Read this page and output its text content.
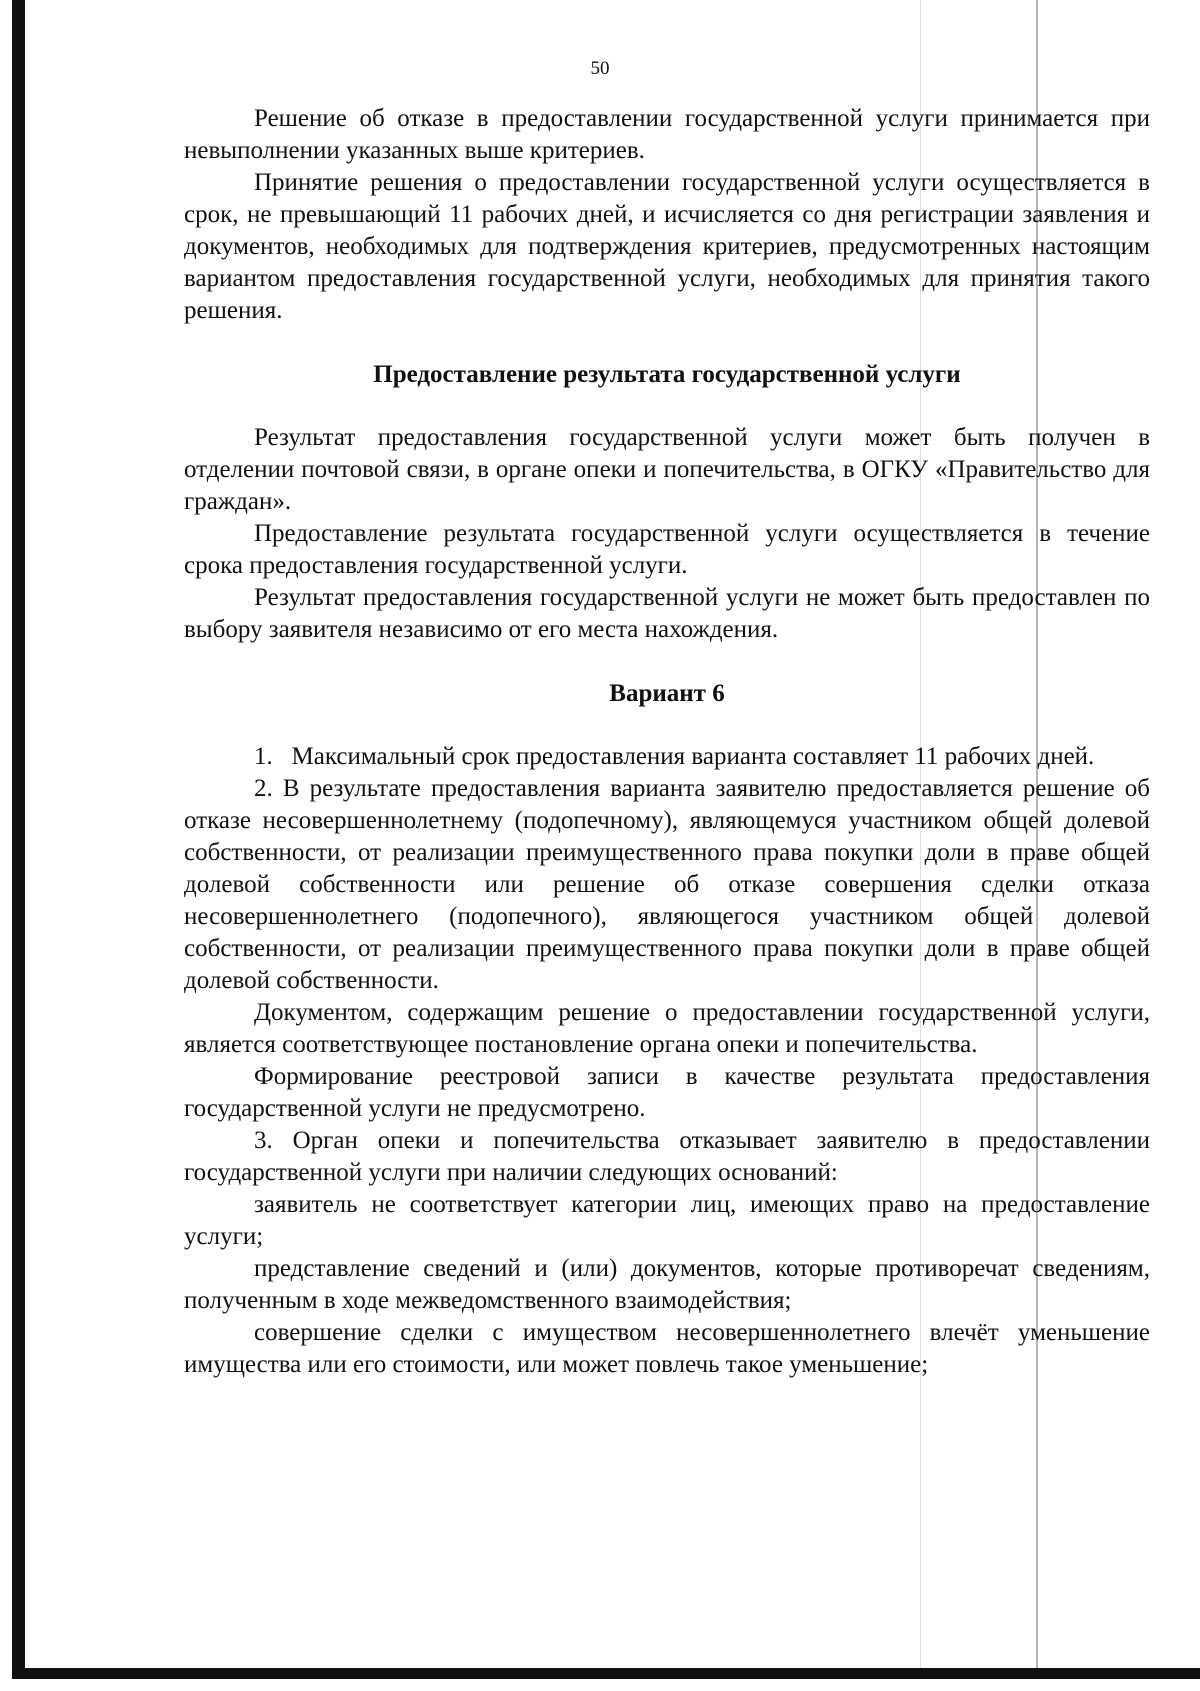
50

Решение об отказе в предоставлении государственной услуги принимается при невыполнении указанных выше критериев.

Принятие решения о предоставлении государственной услуги осуществляется в срок, не превышающий 11 рабочих дней, и исчисляется со дня регистрации заявления и документов, необходимых для подтверждения критериев, предусмотренных настоящим вариантом предоставления государственной услуги, необходимых для принятия такого решения.

Предоставление результата государственной услуги

Результат предоставления государственной услуги может быть получен в отделении почтовой связи, в органе опеки и попечительства, в ОГКУ «Правительство для граждан».

Предоставление результата государственной услуги осуществляется в течение срока предоставления государственной услуги.

Результат предоставления государственной услуги не может быть предоставлен по выбору заявителя независимо от его места нахождения.

Вариант 6

1.   Максимальный срок предоставления варианта составляет 11 рабочих дней.

2. В результате предоставления варианта заявителю предоставляется решение об отказе несовершеннолетнему (подопечному), являющемуся участником общей долевой собственности, от реализации преимущественного права покупки доли в праве общей долевой собственности или решение об отказе совершения сделки отказа несовершеннолетнего (подопечного), являющегося участником общей долевой собственности, от реализации преимущественного права покупки доли в праве общей долевой собственности.

Документом, содержащим решение о предоставлении государственной услуги, является соответствующее постановление органа опеки и попечительства.

Формирование реестровой записи в качестве результата предоставления государственной услуги не предусмотрено.

3. Орган опеки и попечительства отказывает заявителю в предоставлении государственной услуги при наличии следующих оснований:

заявитель не соответствует категории лиц, имеющих право на предоставление услуги;

представление сведений и (или) документов, которые противоречат сведениям, полученным в ходе межведомственного взаимодействия;

совершение сделки с имуществом несовершеннолетнего влечёт уменьшение имущества или его стоимости, или может повлечь такое уменьшение;
